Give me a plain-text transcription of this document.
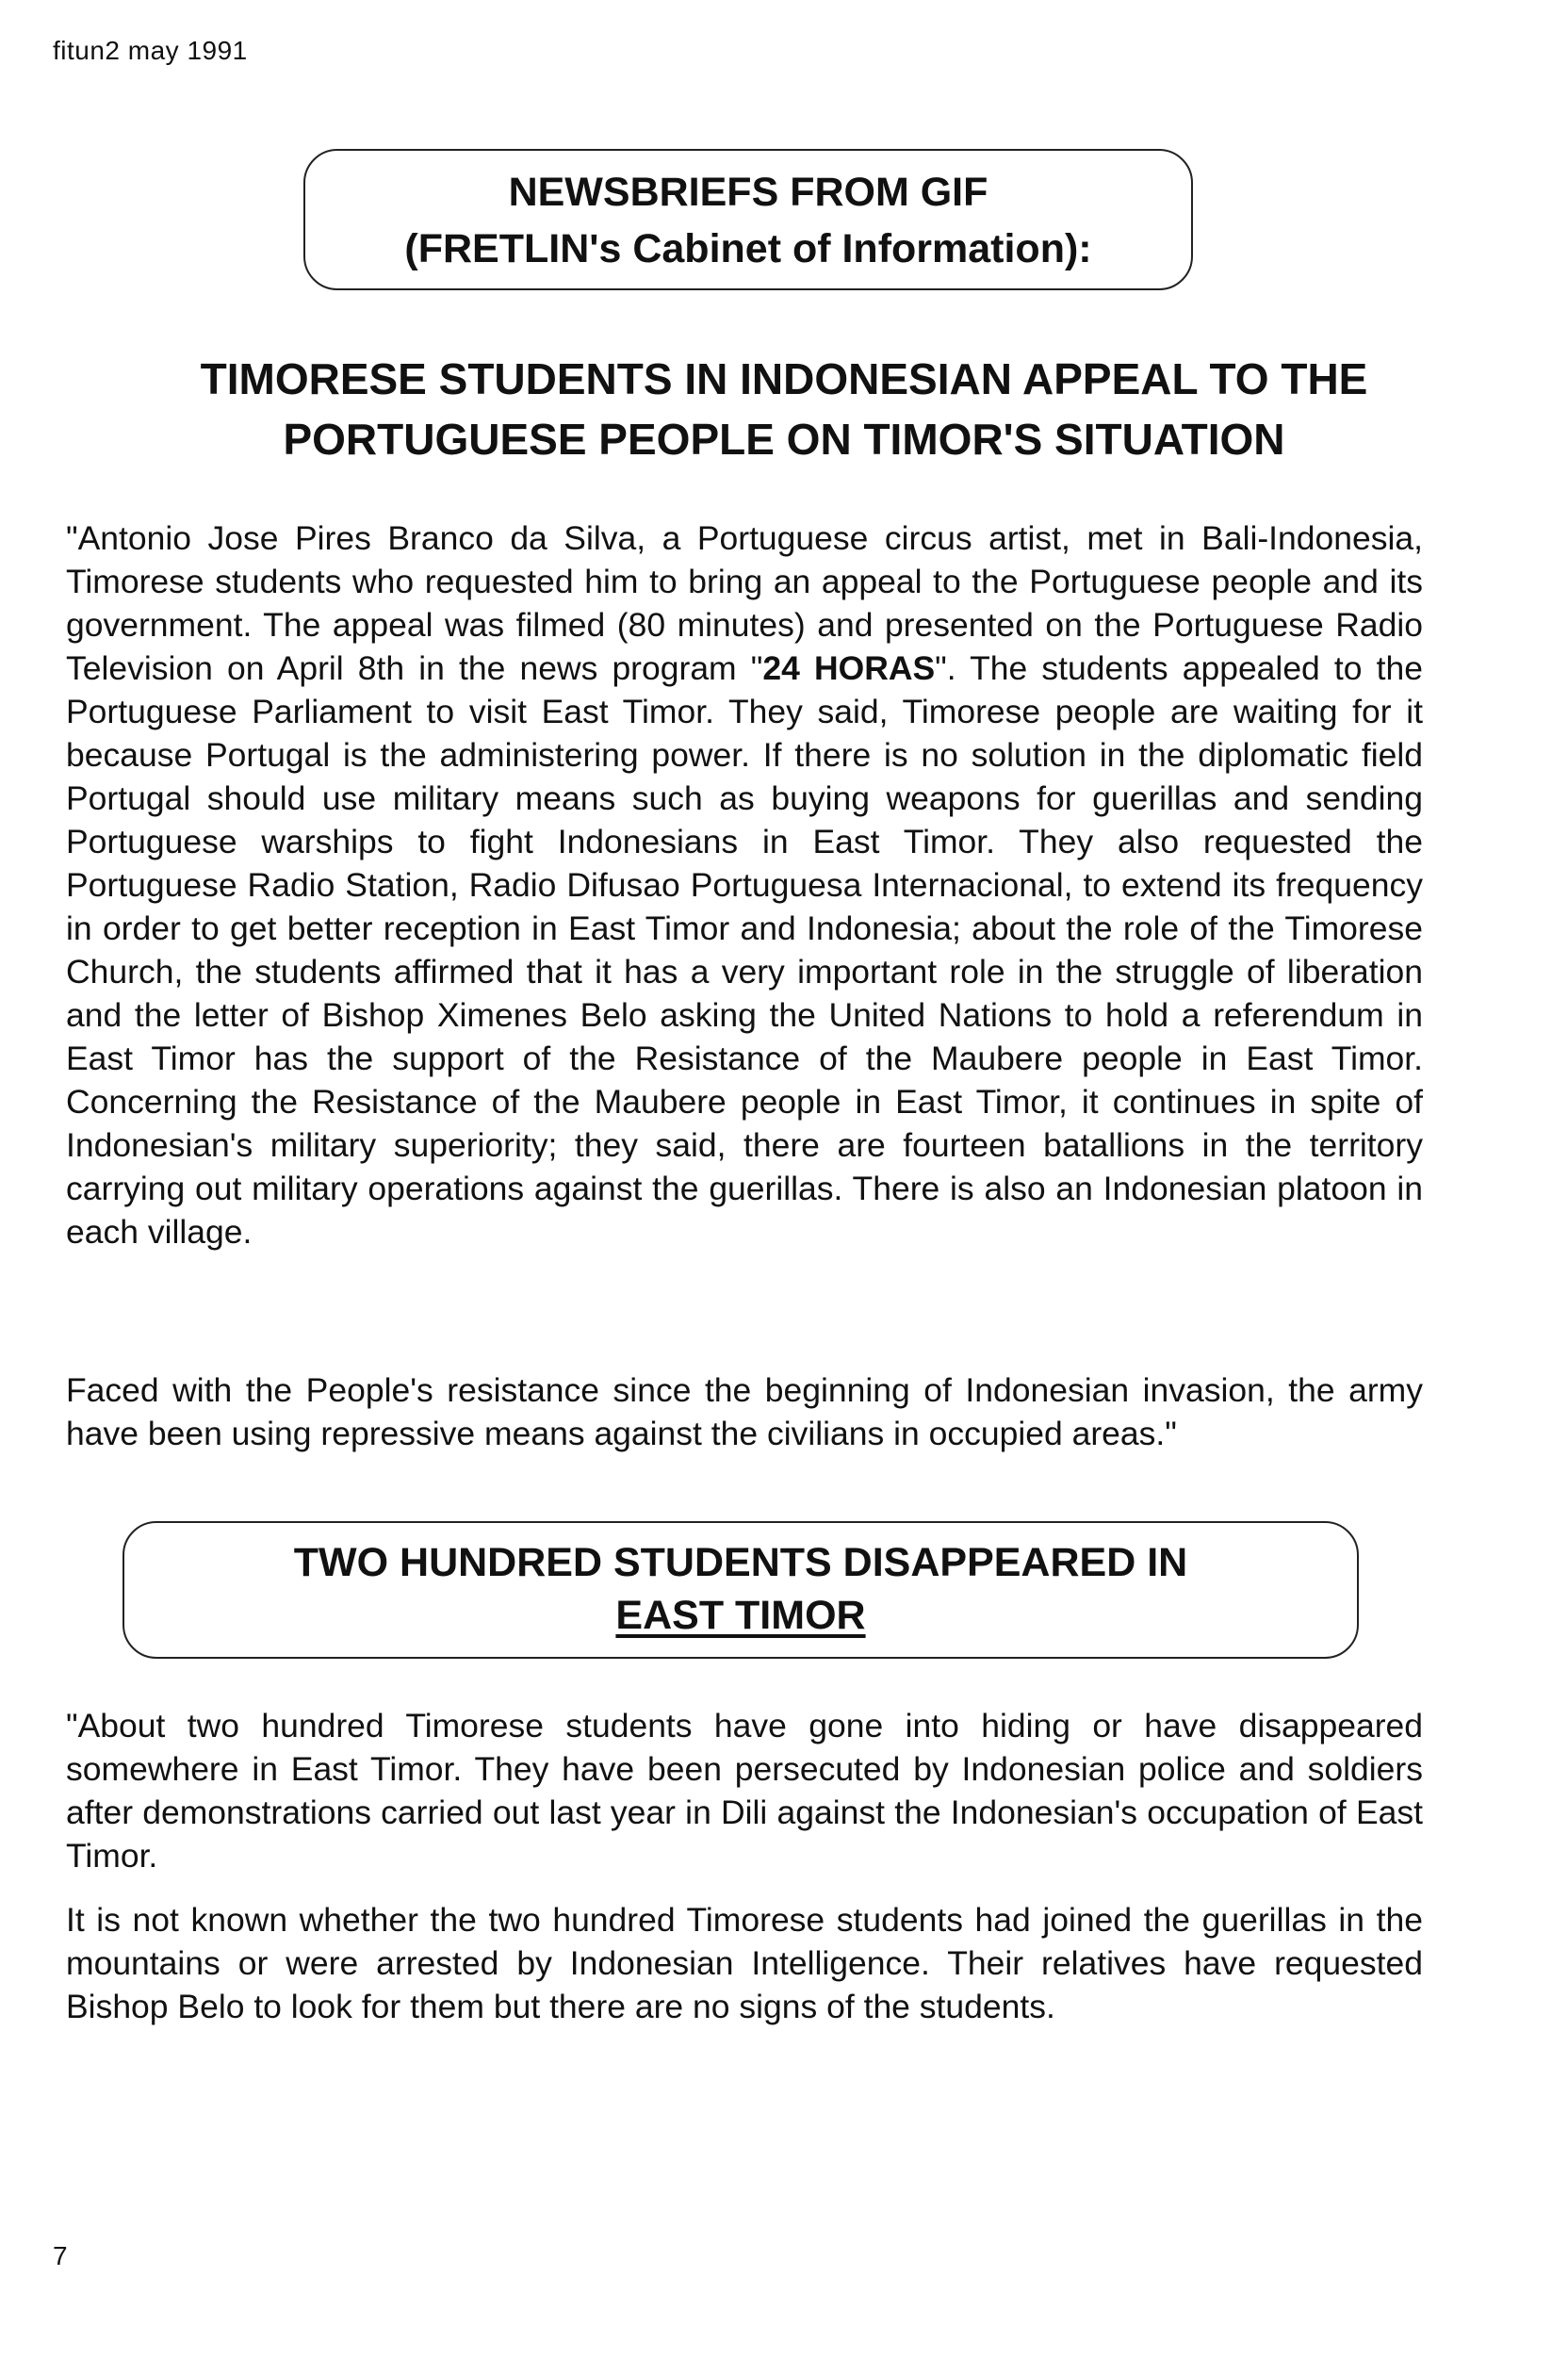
fitun2 may 1991
NEWSBRIEFS FROM GIF
(FRETLIN's Cabinet of Information):
TIMORESE STUDENTS IN INDONESIAN APPEAL TO THE
PORTUGUESE PEOPLE ON TIMOR'S SITUATION

"Antonio Jose Pires Branco da Silva, a Portuguese circus artist, met in Bali-Indonesia, Timorese students who requested him to bring an appeal to the Portuguese people and its government. The appeal was filmed (80 minutes) and presented on the Portuguese Radio Television on April 8th in the news program "24 HORAS". The students appealed to the Portuguese Parliament to visit East Timor. They said, Timorese people are waiting for it because Portugal is the administering power. If there is no solution in the diplomatic field Portugal should use military means such as buying weapons for guerillas and sending Portuguese warships to fight Indonesians in East Timor. They also requested the Portuguese Radio Station, Radio Difusao Portuguesa Internacional, to extend its frequency in order to get better reception in East Timor and Indonesia; about the role of the Timorese Church, the students affirmed that it has a very important role in the struggle of liberation and the letter of Bishop Ximenes Belo asking the United Nations to hold a referendum in East Timor has the support of the Resistance of the Maubere people in East Timor. Concerning the Resistance of the Maubere people in East Timor, it continues in spite of Indonesian's military superiority; they said, there are fourteen batallions in the territory carrying out military operations against the guerillas. There is also an Indonesian platoon in each village.

Faced with the People's resistance since the beginning of Indonesian invasion, the army have been using repressive means against the civilians in occupied areas."

TWO HUNDRED STUDENTS DISAPPEARED IN
EAST TIMOR

"About two hundred Timorese students have gone into hiding or have disappeared somewhere in East Timor. They have been persecuted by Indonesian police and soldiers after demonstrations carried out last year in Dili against the Indonesian's occupation of East Timor.

It is not known whether the two hundred Timorese students had joined the guerillas in the mountains or were arrested by Indonesian Intelligence. Their relatives have requested Bishop Belo to look for them but there are no signs of the students.

7
